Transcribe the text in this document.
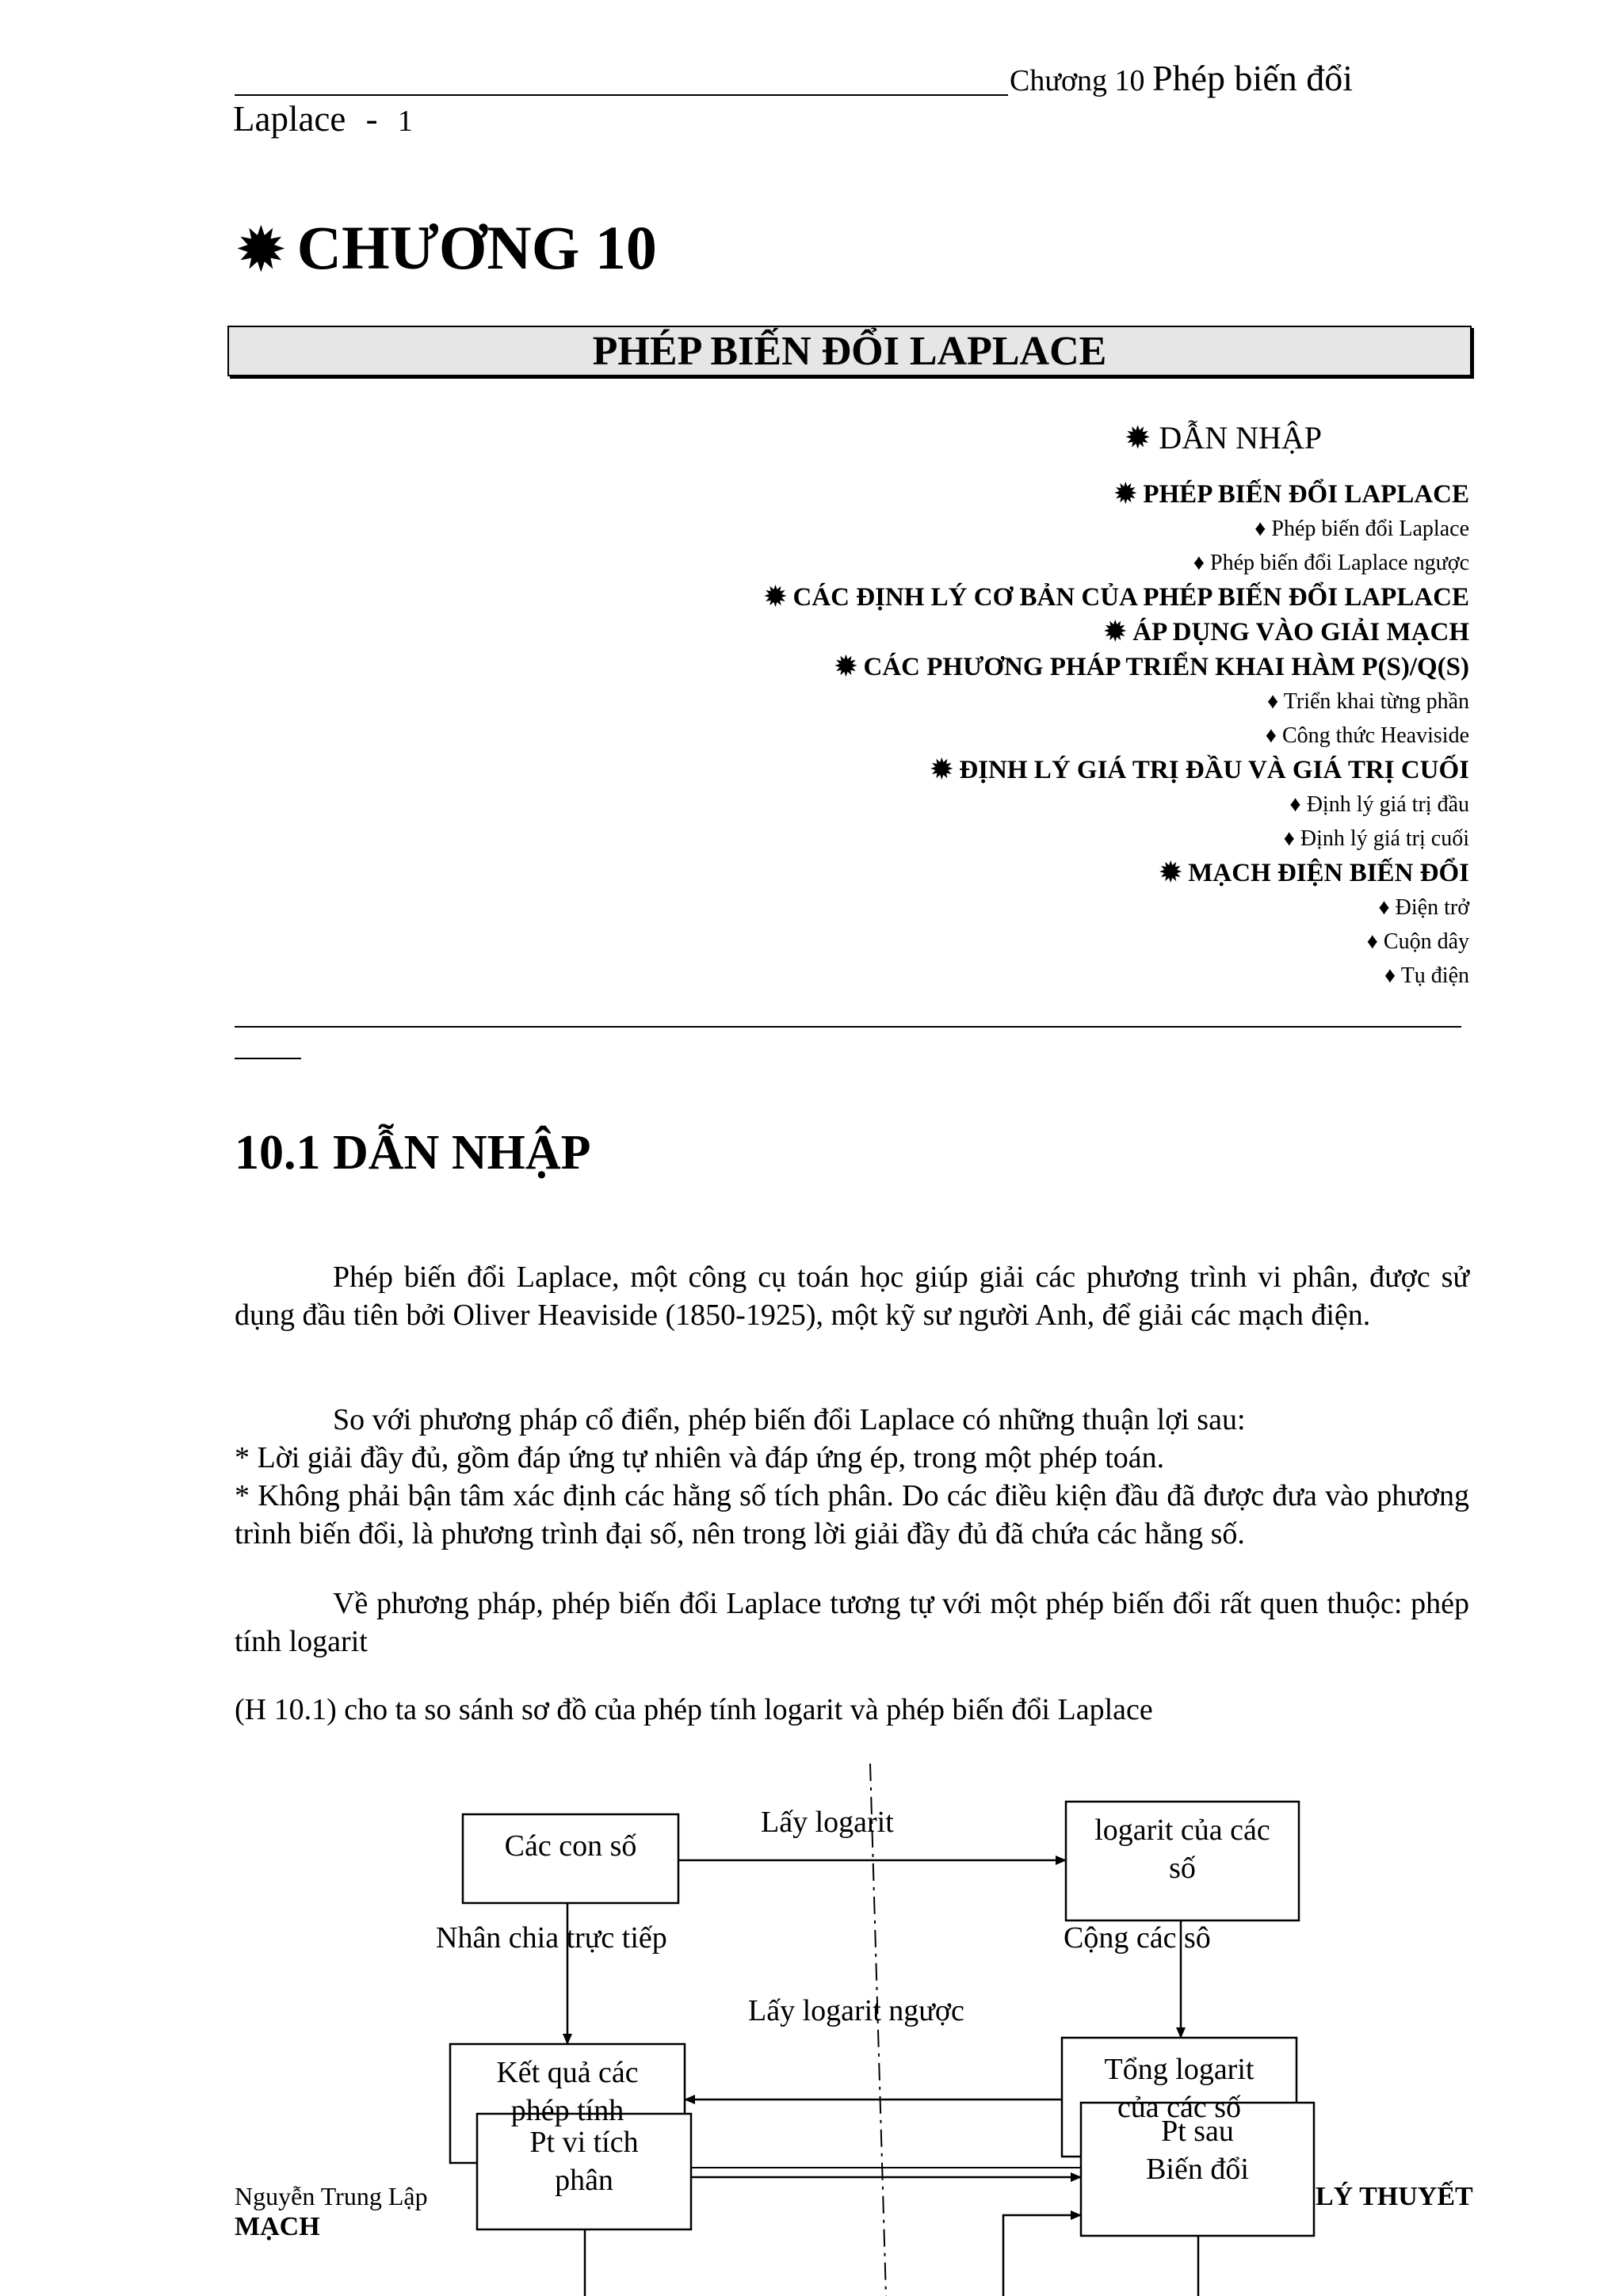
Chương 10 Phép biến đổi
Laplace - 1
✹ CHƯƠNG 10
PHÉP BIẾN ĐỔI LAPLACE
✹ DẪN NHẬP
✹ PHÉP BIẾN ĐỔI LAPLACE
♦ Phép biến đổi Laplace
♦ Phép biến đổi Laplace ngược
✹ CÁC ĐỊNH LÝ CƠ BẢN CỦA PHÉP BIẾN ĐỔI LAPLACE
✹ ÁP DỤNG VÀO GIẢI MẠCH
✹ CÁC PHƯƠNG PHÁP TRIỂN KHAI HÀM P(S)/Q(S)
♦ Triển khai từng phần
♦ Công thức Heaviside
✹ ĐỊNH LÝ GIÁ TRỊ ĐẦU VÀ GIÁ TRỊ CUỐI
♦ Định lý giá trị đầu
♦ Định lý giá trị cuối
✹ MẠCH ĐIỆN BIẾN ĐỔI
♦ Điện trở
♦ Cuộn dây
♦ Tụ điện
10.1 DẪN NHẬP
Phép biến đổi Laplace, một công cụ toán học giúp giải các phương trình vi phân, được sử dụng đầu tiên bởi Oliver Heaviside (1850-1925), một kỹ sư người Anh, để giải các mạch điện.
So với phương pháp cổ điển, phép biến đổi Laplace có những thuận lợi sau:
* Lời giải đầy đủ, gồm đáp ứng tự nhiên và đáp ứng ép, trong một phép toán.
* Không phải bận tâm xác định các hằng số tích phân. Do các điều kiện đầu đã được đưa vào phương trình biến đổi, là phương trình đại số, nên trong lời giải đầy đủ đã chứa các hằng số.
Về phương pháp, phép biến đổi Laplace tương tự với một phép biến đổi rất quen thuộc: phép tính logarit
(H 10.1) cho ta so sánh sơ đồ của phép tính logarit và phép biến đổi Laplace
Các con số	logarit của các
số
Lấy logarit
Nhân chia trực tiếp	Cộng các sô
Lấy logarit ngược
Kết quả các
phép tính
Tổng logarit
của các số
Pt vi tích
phân
Pt sau
Biến đổi
Nguyễn Trung Lập	LÝ THUYẾT
MẠCH
